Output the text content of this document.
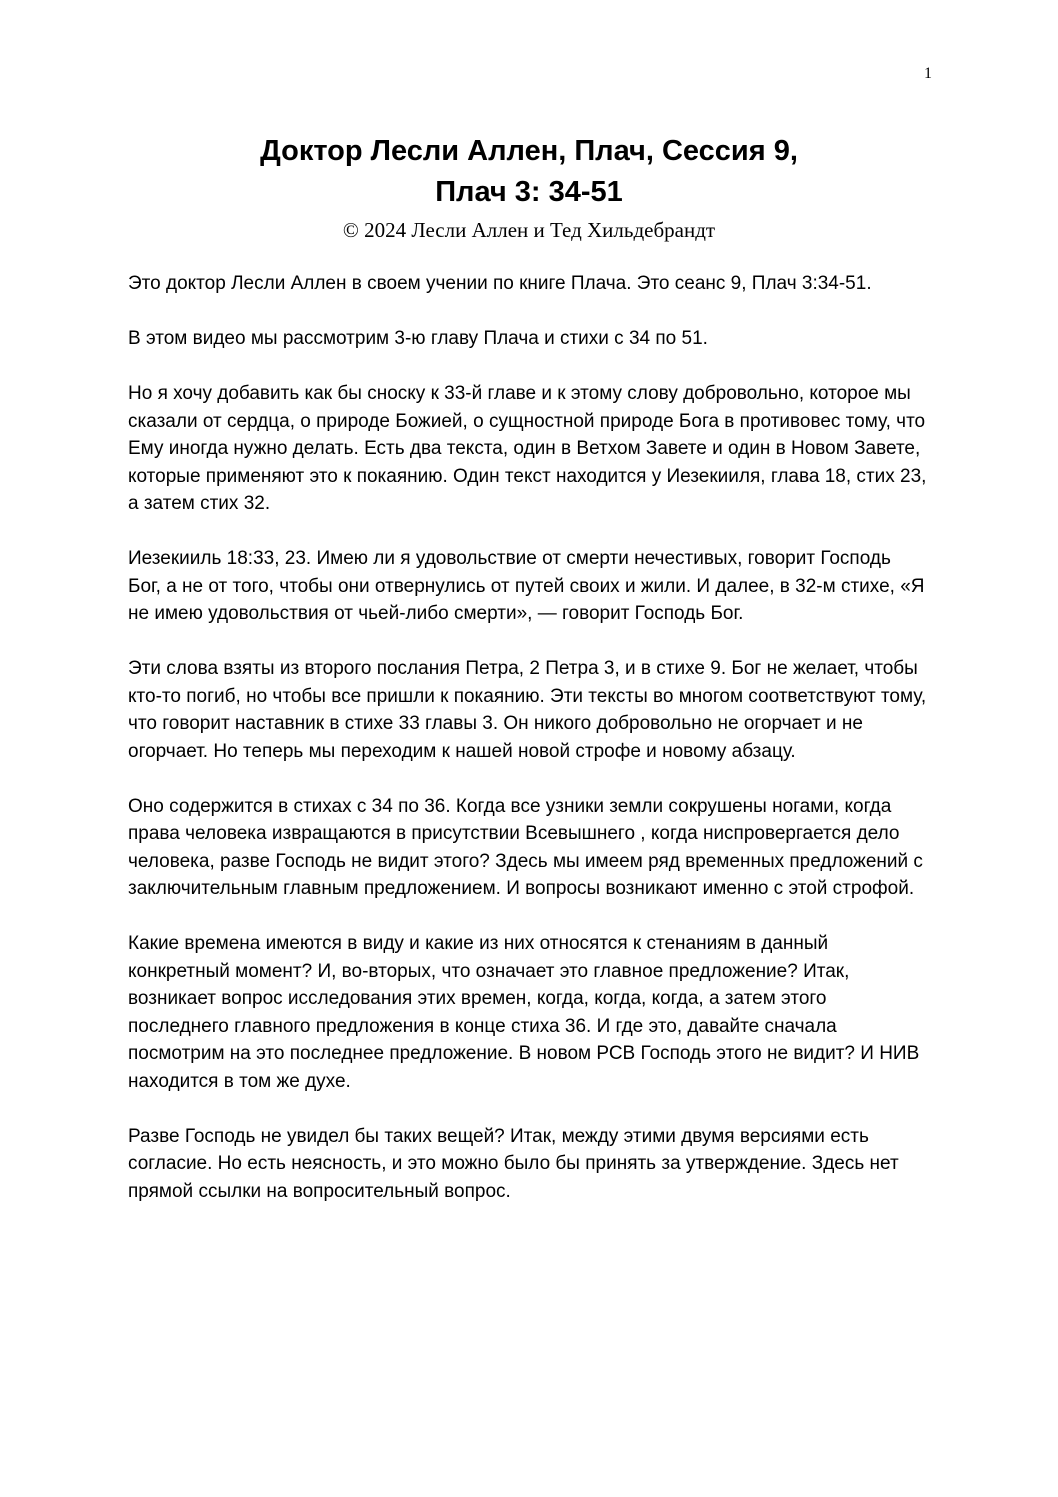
1
Доктор Лесли Аллен, Плач, Сессия 9,
Плач 3: 34-51
© 2024 Лесли Аллен и Тед Хильдебрандт

Это доктор Лесли Аллен в своем учении по книге Плача. Это сеанс 9, Плач 3:34-51.

В этом видео мы рассмотрим 3-ю главу Плача и стихи с 34 по 51.

Но я хочу добавить как бы сноску к 33-й главе и к этому слову добровольно, которое мы сказали от сердца, о природе Божией, о сущностной природе Бога в противовес тому, что Ему иногда нужно делать. Есть два текста, один в Ветхом Завете и один в Новом Завете, которые применяют это к покаянию. Один текст находится у Иезекииля, глава 18, стих 23, а затем стих 32.

Иезекииль 18:33, 23. Имею ли я удовольствие от смерти нечестивых, говорит Господь Бог, а не от того, чтобы они отвернулись от путей своих и жили. И далее, в 32-м стихе, «Я не имею удовольствия от чьей-либо смерти», — говорит Господь Бог.

Эти слова взяты из второго послания Петра, 2 Петра 3, и в стихе 9. Бог не желает, чтобы кто-то погиб, но чтобы все пришли к покаянию. Эти тексты во многом соответствуют тому, что говорит наставник в стихе 33 главы 3. Он никого добровольно не огорчает и не огорчает. Но теперь мы переходим к нашей новой строфе и новому абзацу.

Оно содержится в стихах с 34 по 36. Когда все узники земли сокрушены ногами, когда права человека извращаются в присутствии Всевышнего , когда ниспровергается дело человека, разве Господь не видит этого? Здесь мы имеем ряд временных предложений с заключительным главным предложением. И вопросы возникают именно с этой строфой.

Какие времена имеются в виду и какие из них относятся к стенаниям в данный конкретный момент? И, во-вторых, что означает это главное предложение? Итак, возникает вопрос исследования этих времен, когда, когда, когда, а затем этого последнего главного предложения в конце стиха 36. И где это, давайте сначала посмотрим на это последнее предложение. В новом РСВ Господь этого не видит? И НИВ находится в том же духе.

Разве Господь не увидел бы таких вещей? Итак, между этими двумя версиями есть согласие. Но есть неясность, и это можно было бы принять за утверждение. Здесь нет прямой ссылки на вопросительный вопрос.
